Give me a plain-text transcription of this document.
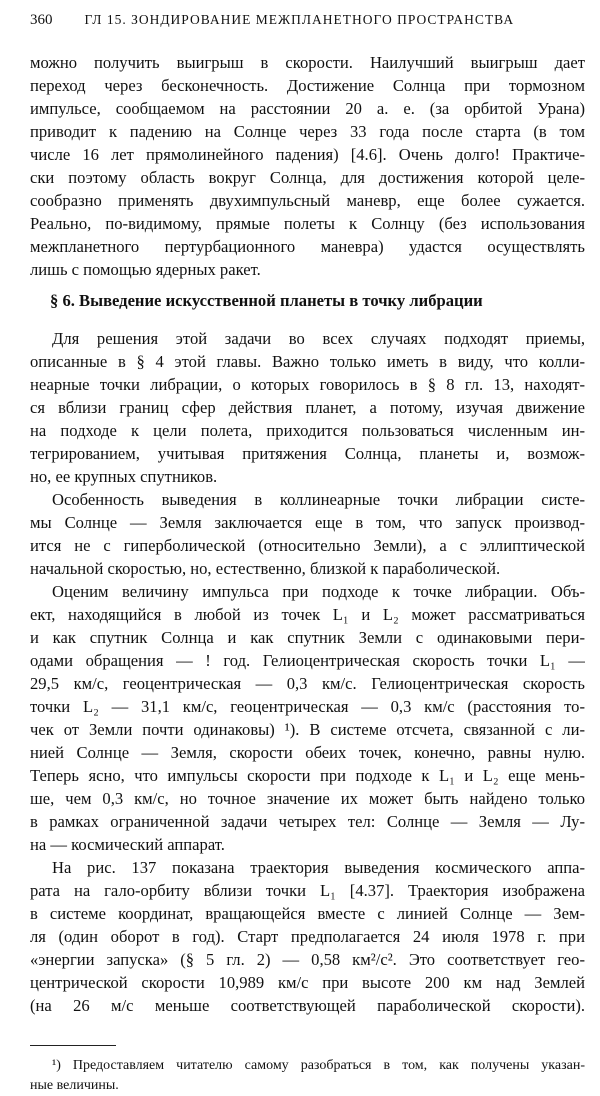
360 ГЛ 15. ЗОНДИРОВАНИЕ МЕЖПЛАНЕТНОГО ПРОСТРАНСТВА
можно получить выигрыш в скорости. Наилучший выигрыш дает
переход через бесконечность. Достижение Солнца при тормозном
импульсе, сообщаемом на расстоянии 20 а. е. (за орбитой Урана)
приводит к падению на Солнце через 33 года после старта (в том
числе 16 лет прямолинейного падения) [4.6]. Очень долго! Практиче-
ски поэтому область вокруг Солнца, для достижения которой целе-
сообразно применять двухимпульсный маневр, еще более сужается.
Реально, по-видимому, прямые полеты к Солнцу (без использования
межпланетного пертурбационного маневра) удастся осуществлять
лишь с помощью ядерных ракет.
§ 6. Выведение искусственной планеты в точку либрации
Для решения этой задачи во всех случаях подходят приемы,
описанные в § 4 этой главы. Важно только иметь в виду, что колли-
неарные точки либрации, о которых говорилось в § 8 гл. 13, находят-
ся вблизи границ сфер действия планет, а потому, изучая движение
на подходе к цели полета, приходится пользоваться численным ин-
тегрированием, учитывая притяжения Солнца, планеты и, возмож-
но, ее крупных спутников.
Особенность выведения в коллинеарные точки либрации систе-
мы Солнце — Земля заключается еще в том, что запуск производ-
ится не с гиперболической (относительно Земли), а с эллиптической
начальной скоростью, но, естественно, близкой к параболической.
Оценим величину импульса при подходе к точке либрации. Объ-
ект, находящийся в любой из точек L₁ и L₂ может рассматриваться
и как спутник Солнца и как спутник Земли с одинаковыми пери-
одами обращения — ! год. Гелиоцентрическая скорость точки L₁ —
29,5 км/с, геоцентрическая — 0,3 км/с. Гелиоцентрическая скорость
точки L₂ — 31,1 км/с, геоцентрическая — 0,3 км/с (расстояния то-
чек от Земли почти одинаковы) ¹). В системе отсчета, связанной с ли-
нией Солнце — Земля, скорости обеих точек, конечно, равны нулю.
Теперь ясно, что импульсы скорости при подходе к L₁ и L₂ еще мень-
ше, чем 0,3 км/с, но точное значение их может быть найдено только
в рамках ограниченной задачи четырех тел: Солнце — Земля — Лу-
на — космический аппарат.
На рис. 137 показана траектория выведения космического аппа-
рата на гало-орбиту вблизи точки L₁ [4.37]. Траектория изображена
в системе координат, вращающейся вместе с линией Солнце — Зем-
ля (один оборот в год). Старт предполагается 24 июля 1978 г. при
«энергии запуска» (§ 5 гл. 2) — 0,58 км²/с². Это соответствует гео-
центрической скорости 10,989 км/с при высоте 200 км над Землей
(на 26 м/с меньше соответствующей параболической скорости).
¹) Предоставляем читателю самому разобраться в том, как получены указан-
ные величины.
